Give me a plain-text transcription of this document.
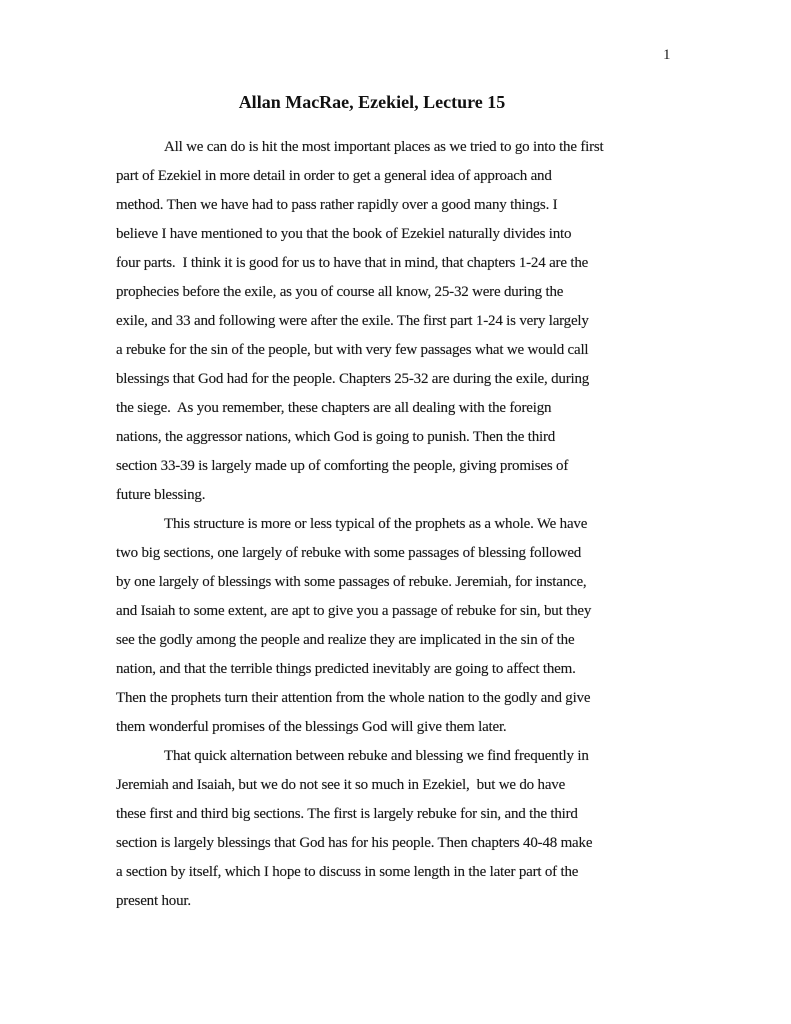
1
Allan MacRae, Ezekiel, Lecture 15
All we can do is hit the most important places as we tried to go into the first
part of Ezekiel in more detail in order to get a general idea of approach and
method. Then we have had to pass rather rapidly over a good many things. I
believe I have mentioned to you that the book of Ezekiel naturally divides into
four parts.  I think it is good for us to have that in mind, that chapters 1-24 are the
prophecies before the exile, as you of course all know, 25-32 were during the
exile, and 33 and following were after the exile. The first part 1-24 is very largely
a rebuke for the sin of the people, but with very few passages what we would call
blessings that God had for the people. Chapters 25-32 are during the exile, during
the siege.  As you remember, these chapters are all dealing with the foreign
nations, the aggressor nations, which God is going to punish. Then the third
section 33-39 is largely made up of comforting the people, giving promises of
future blessing.
This structure is more or less typical of the prophets as a whole. We have
two big sections, one largely of rebuke with some passages of blessing followed
by one largely of blessings with some passages of rebuke. Jeremiah, for instance,
and Isaiah to some extent, are apt to give you a passage of rebuke for sin, but they
see the godly among the people and realize they are implicated in the sin of the
nation, and that the terrible things predicted inevitably are going to affect them.
Then the prophets turn their attention from the whole nation to the godly and give
them wonderful promises of the blessings God will give them later.
That quick alternation between rebuke and blessing we find frequently in
Jeremiah and Isaiah, but we do not see it so much in Ezekiel,  but we do have
these first and third big sections. The first is largely rebuke for sin, and the third
section is largely blessings that God has for his people. Then chapters 40-48 make
a section by itself, which I hope to discuss in some length in the later part of the
present hour.
